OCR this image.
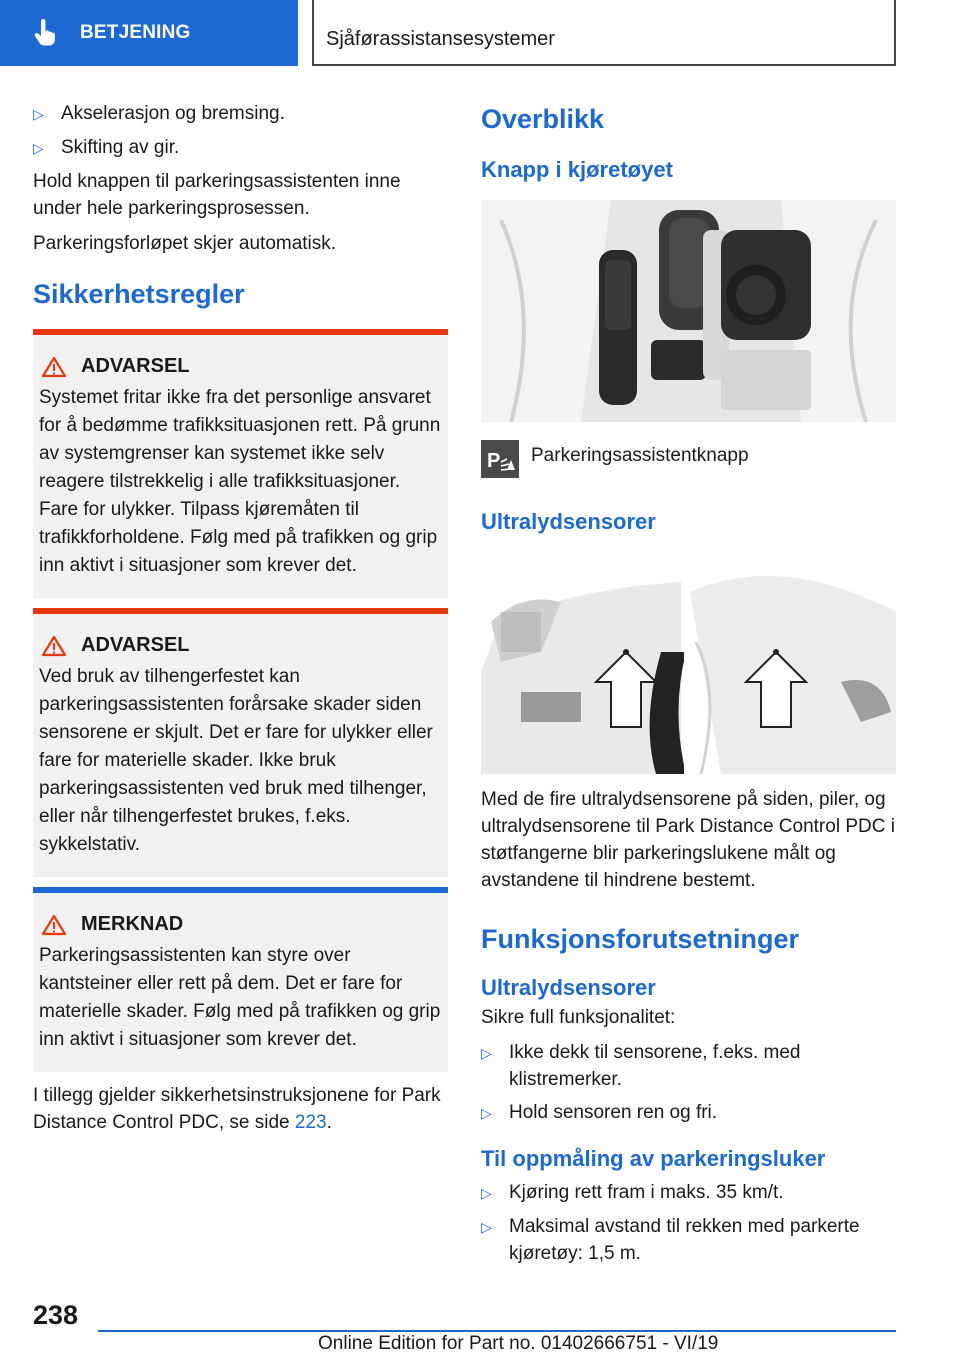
BETJENING	Sjåførassistansesystemer
▷ Akselerasjon og bremsing.
▷ Skifting av gir.

Hold knappen til parkeringsassistenten inne under hele parkeringsprosessen.

Parkeringsforløpet skjer automatisk.

Sikkerhetsregler
ADVARSEL

Systemet fritar ikke fra det personlige ansvaret for å bedømme trafikksituasjonen rett. På grunn av systemgrenser kan systemet ikke selv reagere tilstrekkelig i alle trafikksituasjoner. Fare for ulykker. Tilpass kjøremåten til trafikkforholdene. Følg med på trafikken og grip inn aktivt i situasjoner som krever det.

ADVARSEL

Ved bruk av tilhengerfestet kan parkeringsassistenten forårsake skader siden sensorene er skjult. Det er fare for ulykker eller fare for materielle skader. Ikke bruk parkeringsassistenten ved bruk med tilhenger, eller når tilhengerfestet brukes, f.eks. sykkelstativ.

MERKNAD

Parkeringsassistenten kan styre over kantsteiner eller rett på dem. Det er fare for materielle skader. Følg med på trafikken og grip inn aktivt i situasjoner som krever det.

I tillegg gjelder sikkerhetsinstruksjonene for Park Distance Control PDC, se side 223.

Overblikk
Knapp i kjøretøyet
P Parkeringsassistentknapp

Ultralydsensorer

Med de fire ultralydsensorene på siden, piler, og ultralydsensorene til Park Distance Control PDC i støtfangerne blir parkeringslukene målt og avstandene til hindrene bestemt.

Funksjonsforutsetninger
Ultralydsensorer

Sikre full funksjonalitet:

▷ Ikke dekk til sensorene, f.eks. med klistremerker.
▷ Hold sensoren ren og fri.
Til oppmåling av parkeringsluker
▷ Kjøring rett fram i maks. 35 km/t.
▷ Maksimal avstand til rekken med parkerte kjøretøy: 1,5 m.
238
Online Edition for Part no. 01402666751 - VI/19
